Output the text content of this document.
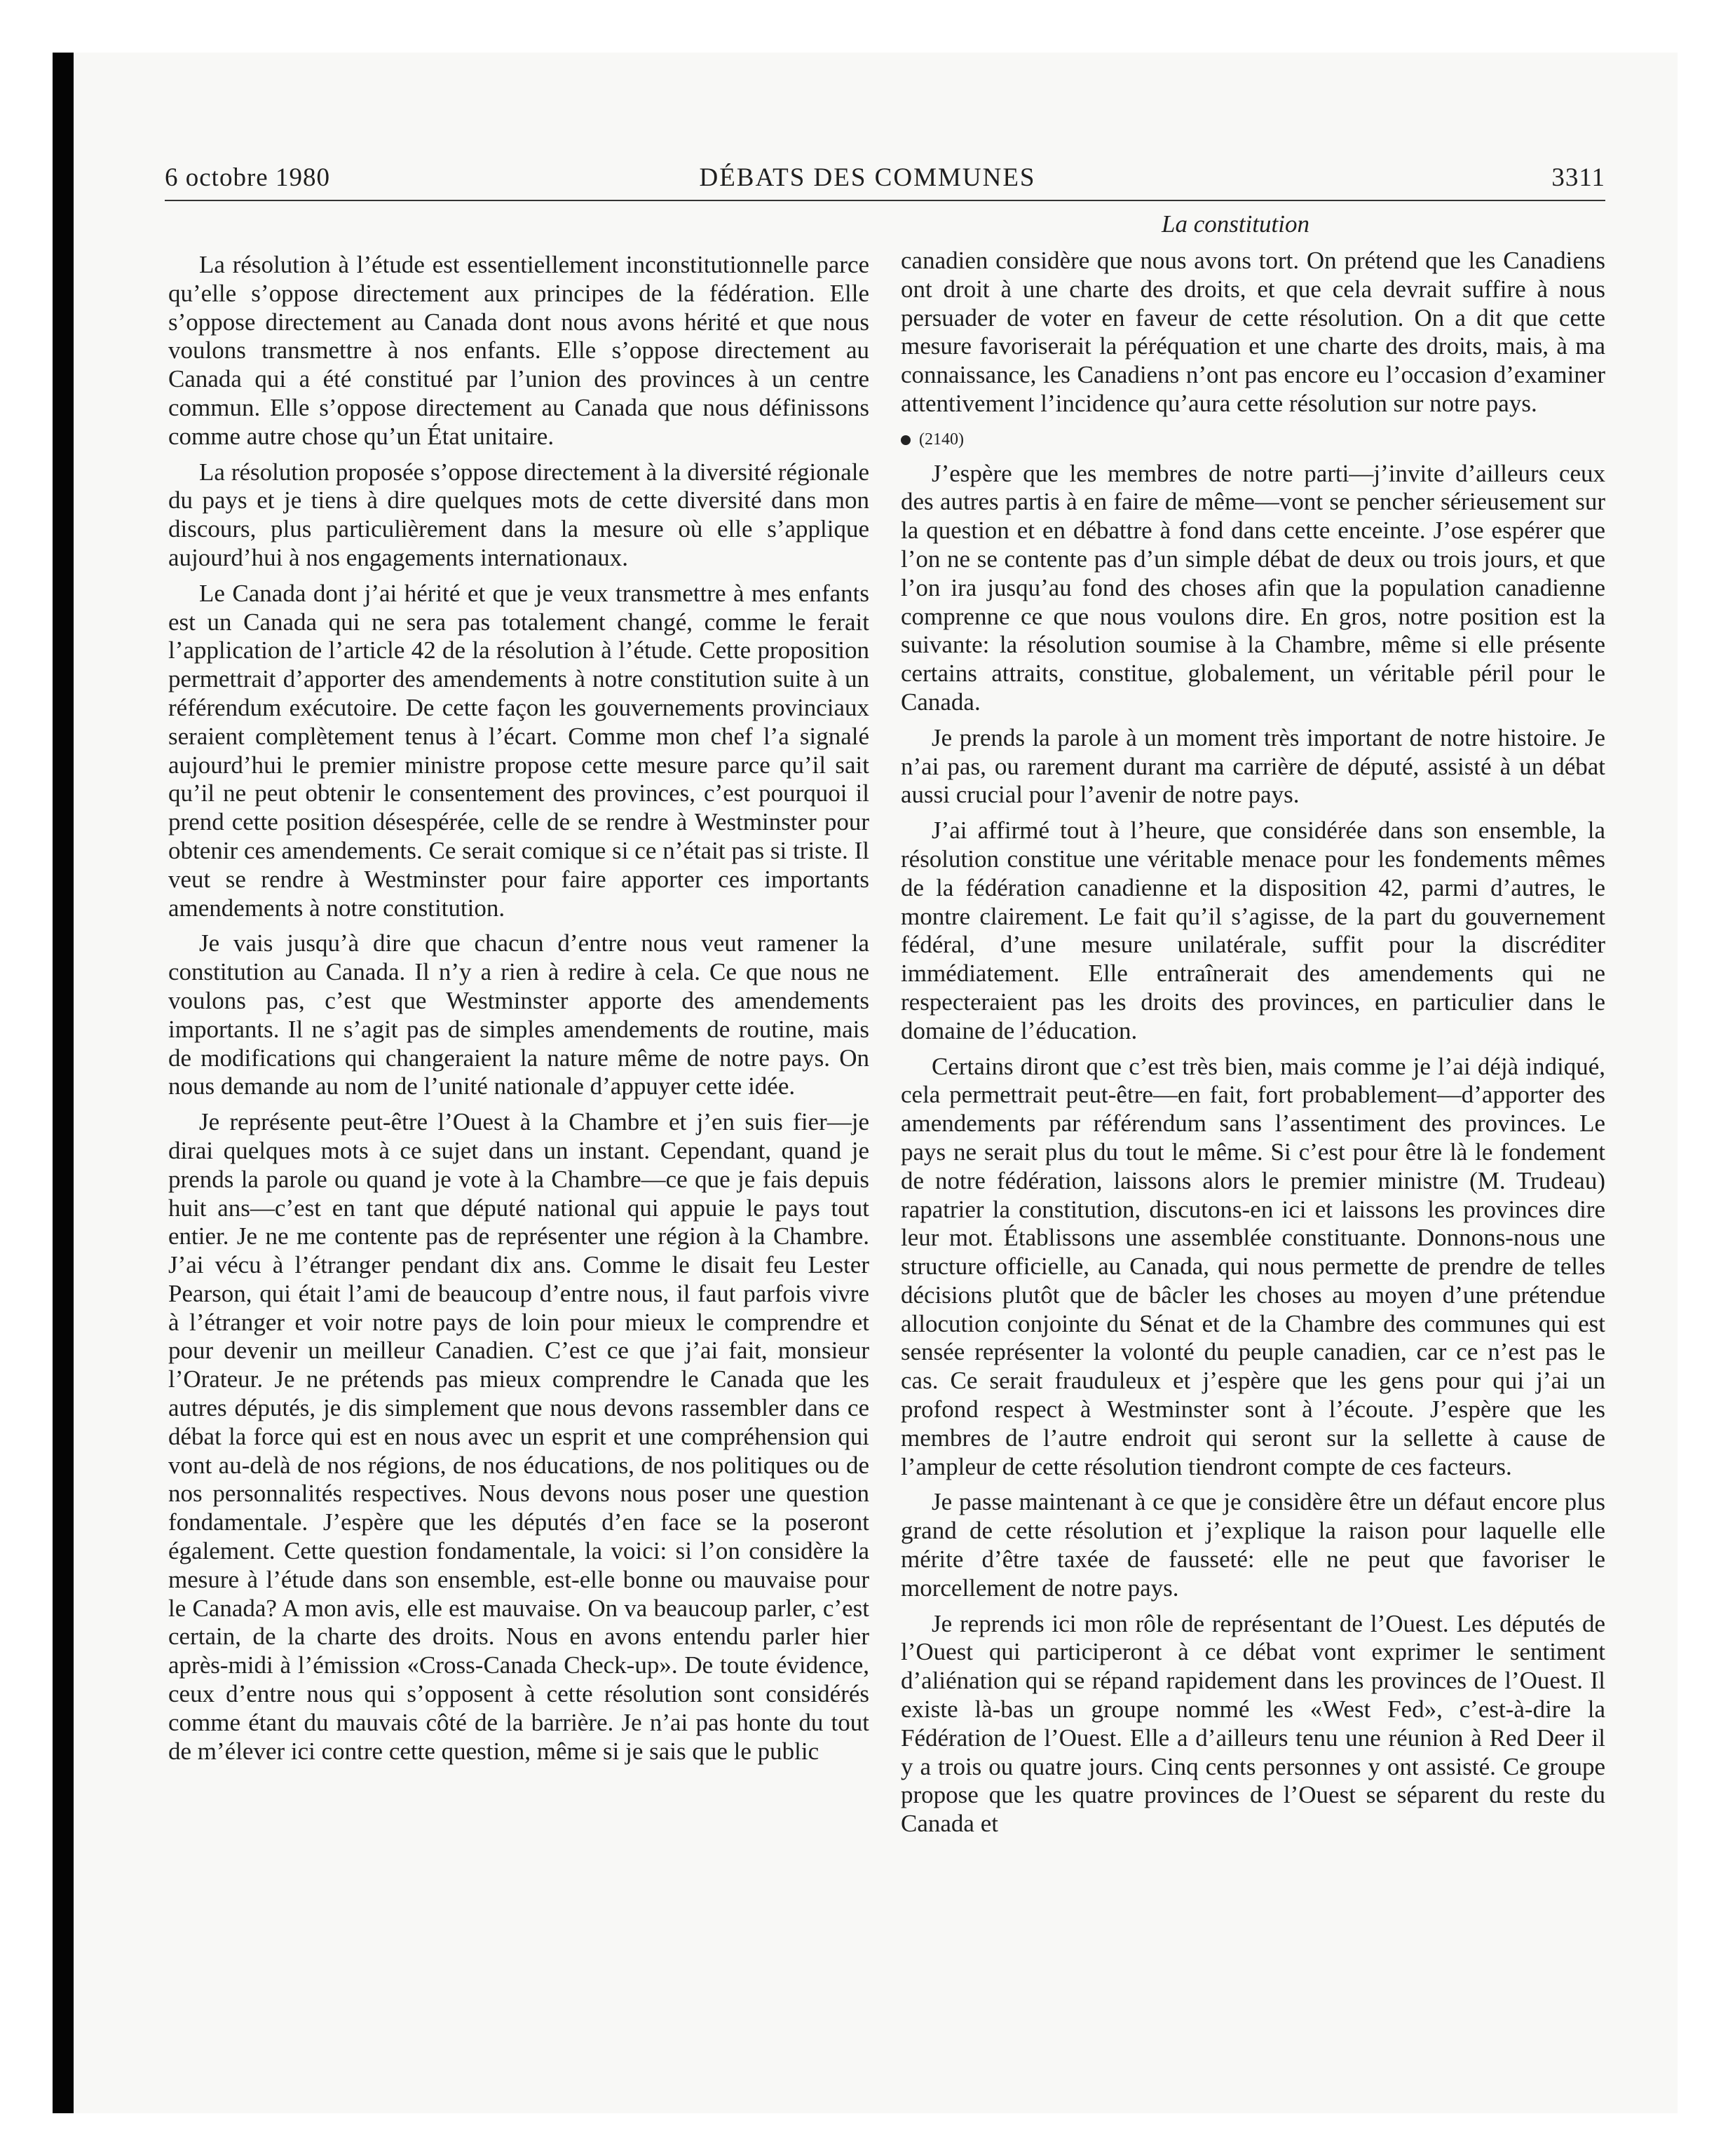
6 octobre 1980	DÉBATS DES COMMUNES	3311
La constitution

La résolution à l’étude est essentiellement inconstitutionnelle parce qu’elle s’oppose directement aux principes de la fédération. Elle s’oppose directement au Canada dont nous avons hérité et que nous voulons transmettre à nos enfants. Elle s’oppose directement au Canada qui a été constitué par l’union des provinces à un centre commun. Elle s’oppose directement au Canada que nous définissons comme autre chose qu’un État unitaire.

La résolution proposée s’oppose directement à la diversité régionale du pays et je tiens à dire quelques mots de cette diversité dans mon discours, plus particulièrement dans la mesure où elle s’applique aujourd’hui à nos engagements internationaux.

Le Canada dont j’ai hérité et que je veux transmettre à mes enfants est un Canada qui ne sera pas totalement changé, comme le ferait l’application de l’article 42 de la résolution à l’étude. Cette proposition permettrait d’apporter des amendements à notre constitution suite à un référendum exécutoire. De cette façon les gouvernements provinciaux seraient complètement tenus à l’écart. Comme mon chef l’a signalé aujourd’hui le premier ministre propose cette mesure parce qu’il sait qu’il ne peut obtenir le consentement des provinces, c’est pourquoi il prend cette position désespérée, celle de se rendre à Westminster pour obtenir ces amendements. Ce serait comique si ce n’était pas si triste. Il veut se rendre à Westminster pour faire apporter ces importants amendements à notre constitution.

Je vais jusqu’à dire que chacun d’entre nous veut ramener la constitution au Canada. Il n’y a rien à redire à cela. Ce que nous ne voulons pas, c’est que Westminster apporte des amendements importants. Il ne s’agit pas de simples amendements de routine, mais de modifications qui changeraient la nature même de notre pays. On nous demande au nom de l’unité nationale d’appuyer cette idée.

Je représente peut-être l’Ouest à la Chambre et j’en suis fier—je dirai quelques mots à ce sujet dans un instant. Cependant, quand je prends la parole ou quand je vote à la Chambre—ce que je fais depuis huit ans—c’est en tant que député national qui appuie le pays tout entier. Je ne me contente pas de représenter une région à la Chambre. J’ai vécu à l’étranger pendant dix ans. Comme le disait feu Lester Pearson, qui était l’ami de beaucoup d’entre nous, il faut parfois vivre à l’étranger et voir notre pays de loin pour mieux le comprendre et pour devenir un meilleur Canadien. C’est ce que j’ai fait, monsieur l’Orateur. Je ne prétends pas mieux comprendre le Canada que les autres députés, je dis simplement que nous devons rassembler dans ce débat la force qui est en nous avec un esprit et une compréhension qui vont au-delà de nos régions, de nos éducations, de nos politiques ou de nos personnalités respectives. Nous devons nous poser une question fondamentale. J’espère que les députés d’en face se la poseront également. Cette question fondamentale, la voici: si l’on considère la mesure à l’étude dans son ensemble, est-elle bonne ou mauvaise pour le Canada? A mon avis, elle est mauvaise. On va beaucoup parler, c’est certain, de la charte des droits. Nous en avons entendu parler hier après-midi à l’émission «Cross-Canada Check-up». De toute évidence, ceux d’entre nous qui s’opposent à cette résolution sont considérés comme étant du mauvais côté de la barrière. Je n’ai pas honte du tout de m’élever ici contre cette question, même si je sais que le public

canadien considère que nous avons tort. On prétend que les Canadiens ont droit à une charte des droits, et que cela devrait suffire à nous persuader de voter en faveur de cette résolution. On a dit que cette mesure favoriserait la péréquation et une charte des droits, mais, à ma connaissance, les Canadiens n’ont pas encore eu l’occasion d’examiner attentivement l’incidence qu’aura cette résolution sur notre pays.

(2140)

J’espère que les membres de notre parti—j’invite d’ailleurs ceux des autres partis à en faire de même—vont se pencher sérieusement sur la question et en débattre à fond dans cette enceinte. J’ose espérer que l’on ne se contente pas d’un simple débat de deux ou trois jours, et que l’on ira jusqu’au fond des choses afin que la population canadienne comprenne ce que nous voulons dire. En gros, notre position est la suivante: la résolution soumise à la Chambre, même si elle présente certains attraits, constitue, globalement, un véritable péril pour le Canada.

Je prends la parole à un moment très important de notre histoire. Je n’ai pas, ou rarement durant ma carrière de député, assisté à un débat aussi crucial pour l’avenir de notre pays.

J’ai affirmé tout à l’heure, que considérée dans son ensemble, la résolution constitue une véritable menace pour les fondements mêmes de la fédération canadienne et la disposition 42, parmi d’autres, le montre clairement. Le fait qu’il s’agisse, de la part du gouvernement fédéral, d’une mesure unilatérale, suffit pour la discréditer immédiatement. Elle entraînerait des amendements qui ne respecteraient pas les droits des provinces, en particulier dans le domaine de l’éducation.

Certains diront que c’est très bien, mais comme je l’ai déjà indiqué, cela permettrait peut-être—en fait, fort probablement—d’apporter des amendements par référendum sans l’assentiment des provinces. Le pays ne serait plus du tout le même. Si c’est pour être là le fondement de notre fédération, laissons alors le premier ministre (M. Trudeau) rapatrier la constitution, discutons-en ici et laissons les provinces dire leur mot. Établissons une assemblée constituante. Donnons-nous une structure officielle, au Canada, qui nous permette de prendre de telles décisions plutôt que de bâcler les choses au moyen d’une prétendue allocution conjointe du Sénat et de la Chambre des communes qui est sensée représenter la volonté du peuple canadien, car ce n’est pas le cas. Ce serait frauduleux et j’espère que les gens pour qui j’ai un profond respect à Westminster sont à l’écoute. J’espère que les membres de l’autre endroit qui seront sur la sellette à cause de l’ampleur de cette résolution tiendront compte de ces facteurs.

Je passe maintenant à ce que je considère être un défaut encore plus grand de cette résolution et j’explique la raison pour laquelle elle mérite d’être taxée de fausseté: elle ne peut que favoriser le morcellement de notre pays.

Je reprends ici mon rôle de représentant de l’Ouest. Les députés de l’Ouest qui participeront à ce débat vont exprimer le sentiment d’aliénation qui se répand rapidement dans les provinces de l’Ouest. Il existe là-bas un groupe nommé les «West Fed», c’est-à-dire la Fédération de l’Ouest. Elle a d’ailleurs tenu une réunion à Red Deer il y a trois ou quatre jours. Cinq cents personnes y ont assisté. Ce groupe propose que les quatre provinces de l’Ouest se séparent du reste du Canada et
